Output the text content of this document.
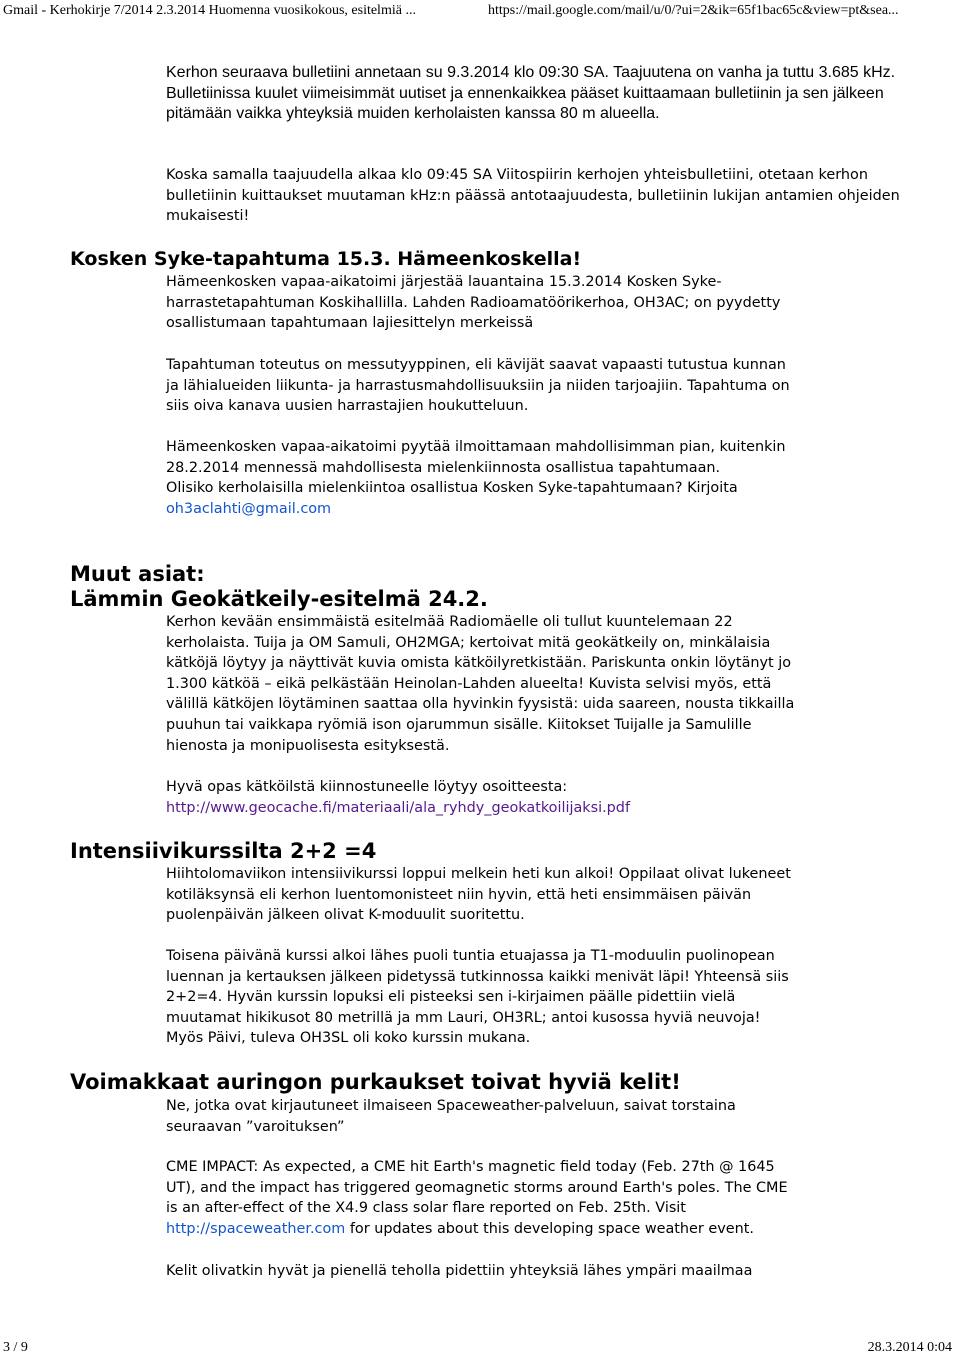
Gmail - Kerhokirje 7/2014 2.3.2014 Huomenna vuosikokous, esitelmiä ...	https://mail.google.com/mail/u/0/?ui=2&ik=65f1bac65c&view=pt&sea...

Kerhon seuraava bulletiini annetaan su 9.3.2014 klo 09:30 SA. Taajuutena on vanha ja tuttu 3.685 kHz. Bulletiinissa kuulet viimeisimmät uutiset ja ennenkaikkea pääset kuittaamaan bulletiinin ja sen jälkeen pitämään vaikka yhteyksiä muiden kerholaisten kanssa 80 m alueella.

Koska samalla taajuudella alkaa klo 09:45 SA Viitospiirin kerhojen yhteisbulletiini, otetaan kerhon bulletiinin kuittaukset muutaman kHz:n päässä antotaajuudesta, bulletiinin lukijan antamien ohjeiden mukaisesti!

Kosken Syke-tapahtuma 15.3. Hämeenkoskella!

Hämeenkosken vapaa-aikatoimi järjestää lauantaina 15.3.2014 Kosken Syke-
harrastetapahtuman Koskihallilla. Lahden Radioamatöörikerhoa, OH3AC; on pyydetty
osallistumaan tapahtumaan lajiesittelyn merkeissä

Tapahtuman toteutus on messutyyppinen, eli kävijät saavat vapaasti tutustua kunnan
ja lähialueiden liikunta- ja harrastusmahdollisuuksiin ja niiden tarjoajiin. Tapahtuma on
siis oiva kanava uusien harrastajien houkutteluun.

Hämeenkosken vapaa-aikatoimi pyytää ilmoittamaan mahdollisimman pian, kuitenkin
28.2.2014 mennessä mahdollisesta mielenkiinnosta osallistua tapahtumaan.
Olisiko kerholaisilla mielenkiintoa osallistua Kosken Syke-tapahtumaan? Kirjoita

oh3aclahti@gmail.com
Muut asiat:
Lämmin Geokätkeily-esitelmä 24.2.

Kerhon kevään ensimmäistä esitelmää Radiomäelle oli tullut kuuntelemaan 22
kerholaista. Tuija ja OM Samuli, OH2MGA; kertoivat mitä geokätkeily on, minkälaisia
kätköjä löytyy ja näyttivät kuvia omista kätköilyretkistään. Pariskunta onkin löytänyt jo
1.300 kätköä – eikä pelkästään Heinolan-Lahden alueelta! Kuvista selvisi myös, että
välillä kätköjen löytäminen saattaa olla hyvinkin fyysistä: uida saareen, nousta tikkailla
puuhun tai vaikkapa ryömiä ison ojarummun sisälle. Kiitokset Tuijalle ja Samulille
hienosta ja monipuolisesta esityksestä.

Hyvä opas kätköilstä kiinnostuneelle löytyy osoitteesta:

http://www.geocache.fi/materiaali/ala_ryhdy_geokatkoilijaksi.pdf
Intensiivikurssilta 2+2 =4

Hiihtolomaviikon intensiivikurssi loppui melkein heti kun alkoi! Oppilaat olivat lukeneet
kotiläksynsä eli kerhon luentomonisteet niin hyvin, että heti ensimmäisen päivän
puolenpäivän jälkeen olivat K-moduulit suoritettu.

Toisena päivänä kurssi alkoi lähes puoli tuntia etuajassa ja T1-moduulin puolinopean
luennan ja kertauksen jälkeen pidetyssä tutkinnossa kaikki menivät läpi! Yhteensä siis
2+2=4. Hyvän kurssin lopuksi eli pisteeksi sen i-kirjaimen päälle pidettiin vielä
muutamat hikikusot 80 metrillä ja mm Lauri, OH3RL; antoi kusossa hyviä neuvoja!
Myös Päivi, tuleva OH3SL oli koko kurssin mukana.

Voimakkaat auringon purkaukset toivat hyviä kelit!

Ne, jotka ovat kirjautuneet ilmaiseen Spaceweather-palveluun, saivat torstaina
seuraavan ”varoituksen”

CME IMPACT: As expected, a CME hit Earth's magnetic field today (Feb. 27th @ 1645
UT), and the impact has triggered geomagnetic storms around Earth's poles. The CME
is an after-effect of the X4.9 class solar flare reported on Feb. 25th. Visit

http://spaceweather.com for updates about this developing space weather event.

Kelit olivatkin hyvät ja pienellä teholla pidettiin yhteyksiä lähes ympäri maailmaa

3 / 9	28.3.2014 0:04
